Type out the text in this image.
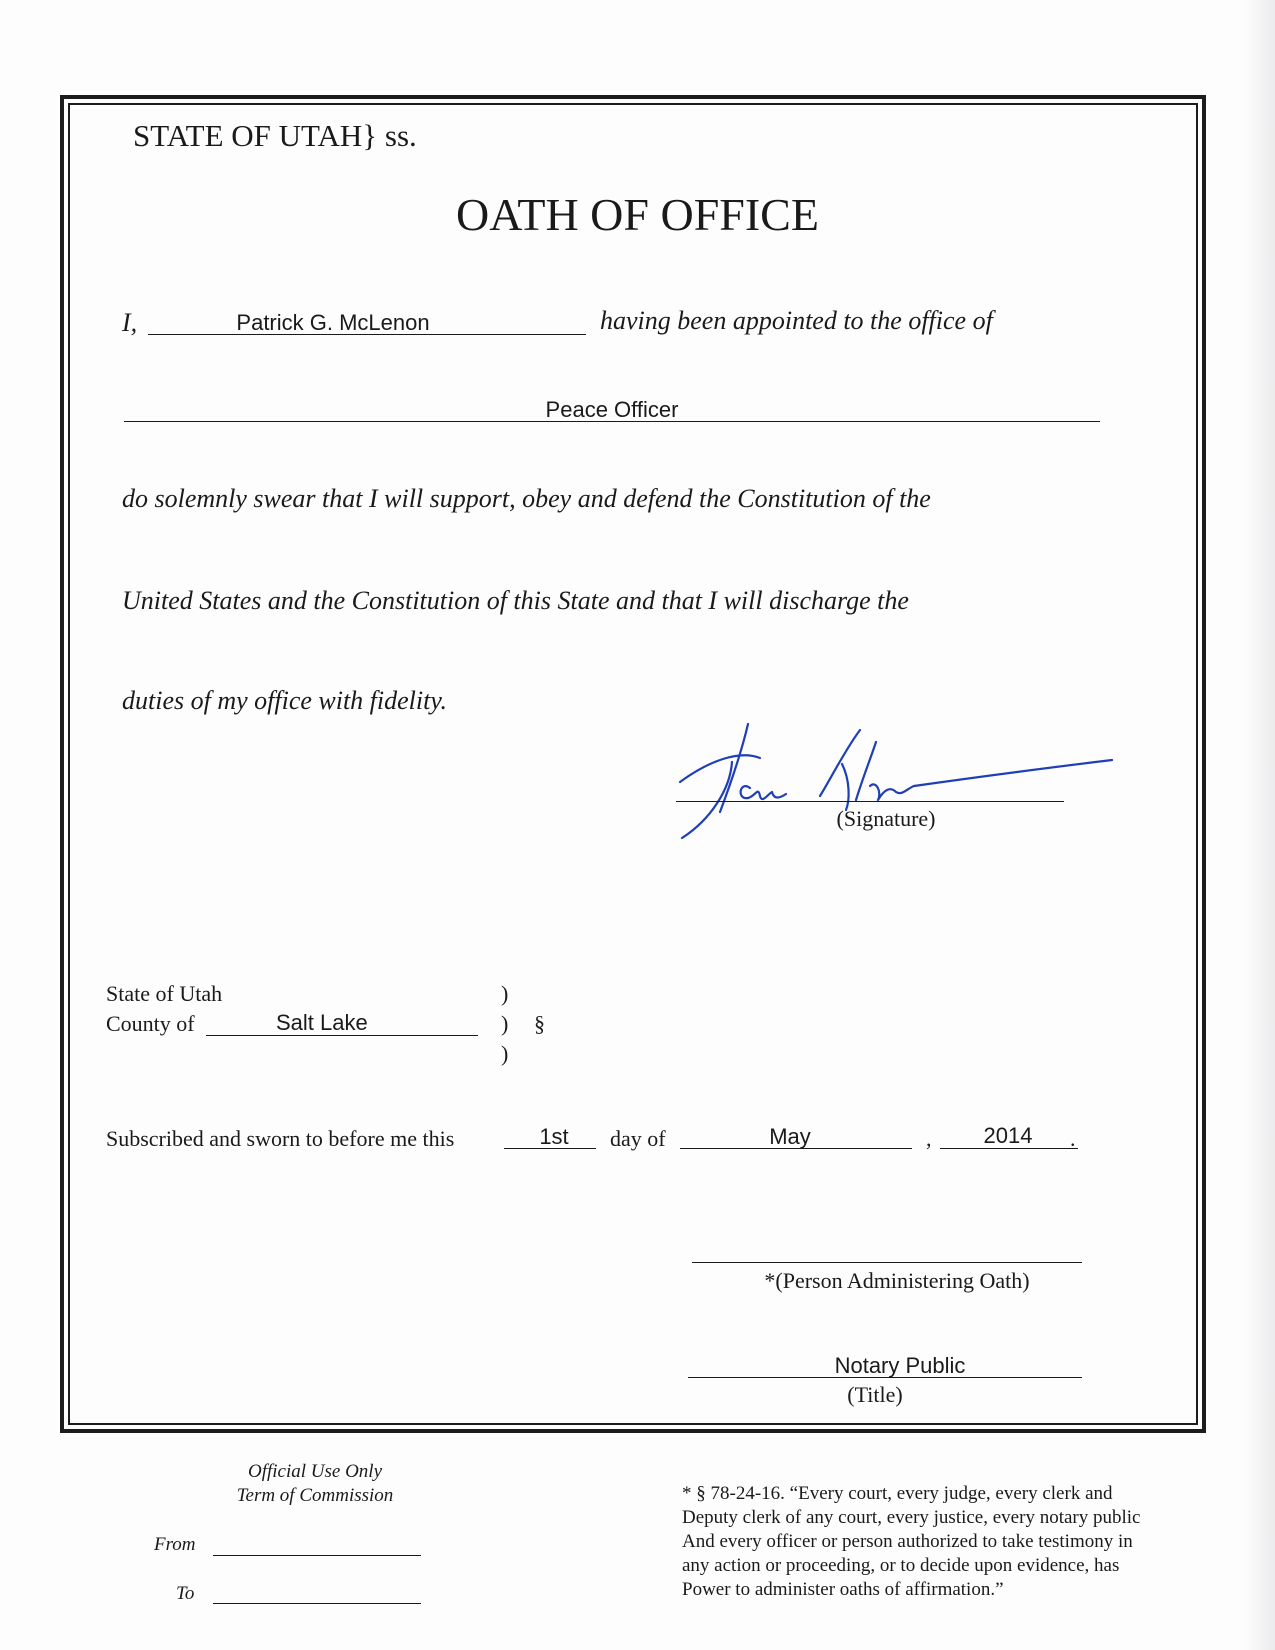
STATE OF UTAH} ss.
OATH OF OFFICE
I,	Patrick G. McLenon	having been appointed to the office of
Peace Officer
do solemnly swear that I will support, obey and defend the Constitution of the
United States and the Constitution of this State and that I will discharge the
duties of my office with fidelity.
(Signature)
State of Utah
County of	Salt Lake
)
)
)
§
Subscribed and sworn to before me this	1st	day of	May	,	2014	.
*(Person Administering Oath)
Notary Public
(Title)
Official Use Only
Term of Commission
From
To
* § 78-24-16. “Every court, every judge, every clerk and
Deputy clerk of any court, every justice, every notary public
And every officer or person authorized to take testimony in
any action or proceeding, or to decide upon evidence, has
Power to administer oaths of affirmation.”
